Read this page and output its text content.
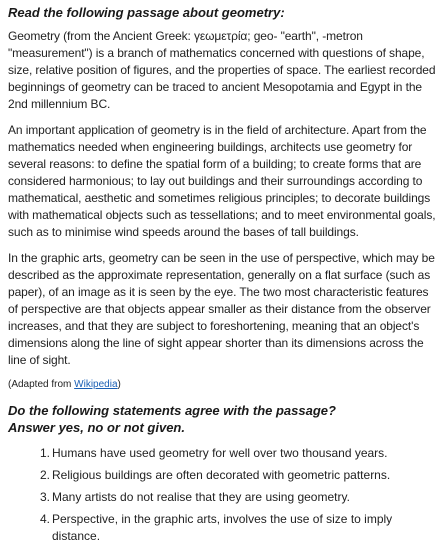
Read the following passage about geometry:

Geometry (from the Ancient Greek: γεωμετρία; geo- "earth", -metron "measurement") is a branch of mathematics concerned with questions of shape, size, relative position of figures, and the properties of space. The earliest recorded beginnings of geometry can be traced to ancient Mesopotamia and Egypt in the 2nd millennium BC.

An important application of geometry is in the field of architecture. Apart from the mathematics needed when engineering buildings, architects use geometry for several reasons: to define the spatial form of a building; to create forms that are considered harmonious; to lay out buildings and their surroundings according to mathematical, aesthetic and sometimes religious principles; to decorate buildings with mathematical objects such as tessellations; and to meet environmental goals, such as to minimise wind speeds around the bases of tall buildings.

In the graphic arts, geometry can be seen in the use of perspective, which may be described as the approximate representation, generally on a flat surface (such as paper), of an image as it is seen by the eye. The two most characteristic features of perspective are that objects appear smaller as their distance from the observer increases, and that they are subject to foreshortening, meaning that an object's dimensions along the line of sight appear shorter than its dimensions across the line of sight.

(Adapted from Wikipedia)

Do the following statements agree with the passage?
Answer yes, no or not given.
1. Humans have used geometry for well over two thousand years.
2. Religious buildings are often decorated with geometric patterns.
3. Many artists do not realise that they are using geometry.
4. Perspective, in the graphic arts, involves the use of size to imply distance.
